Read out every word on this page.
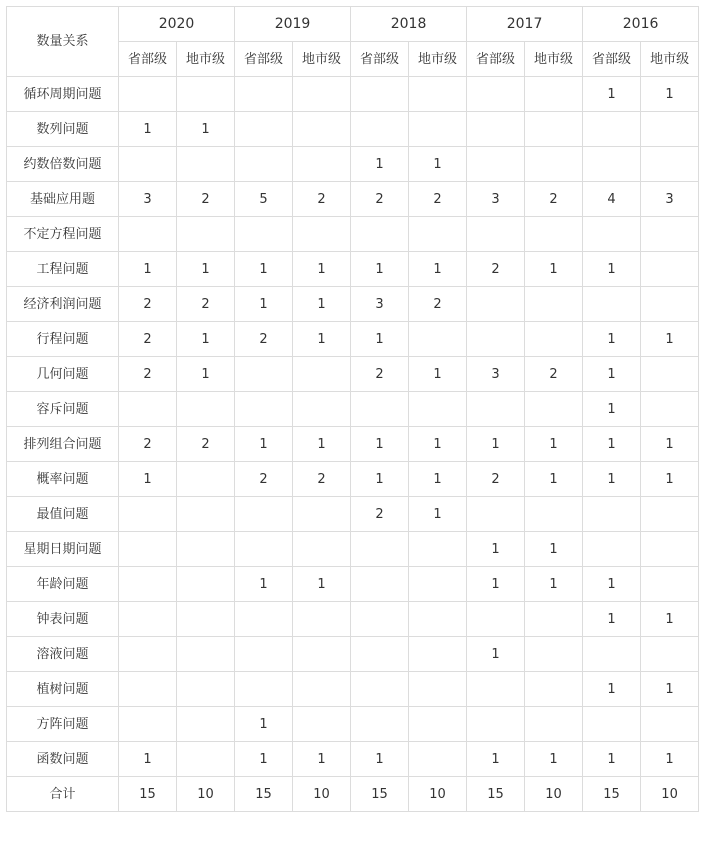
数量关系	2020		2019		2018		2017		2016	
	省部级	地市级	省部级	地市级	省部级	地市级	省部级	地市级	省部级	地市级
循环周期问题									1	1
数列问题	1	1								
约数倍数问题					1	1				
基础应用题	3	2	5	2	2	2	3	2	4	3
不定方程问题										
工程问题	1	1	1	1	1	1	2	1	1	
经济利润问题	2	2	1	1	3	2				
行程问题	2	1	2	1	1				1	1
几何问题	2	1			2	1	3	2	1	
容斥问题									1	
排列组合问题	2	2	1	1	1	1	1	1	1	1
概率问题	1		2	2	1	1	2	1	1	1
最值问题					2	1				
星期日期问题							1	1		
年龄问题			1	1			1	1	1	
钟表问题									1	1
溶液问题							1			
植树问题									1	1
方阵问题			1							
函数问题	1		1	1	1		1	1	1	1
合计	15	10	15	10	15	10	15	10	15	10
